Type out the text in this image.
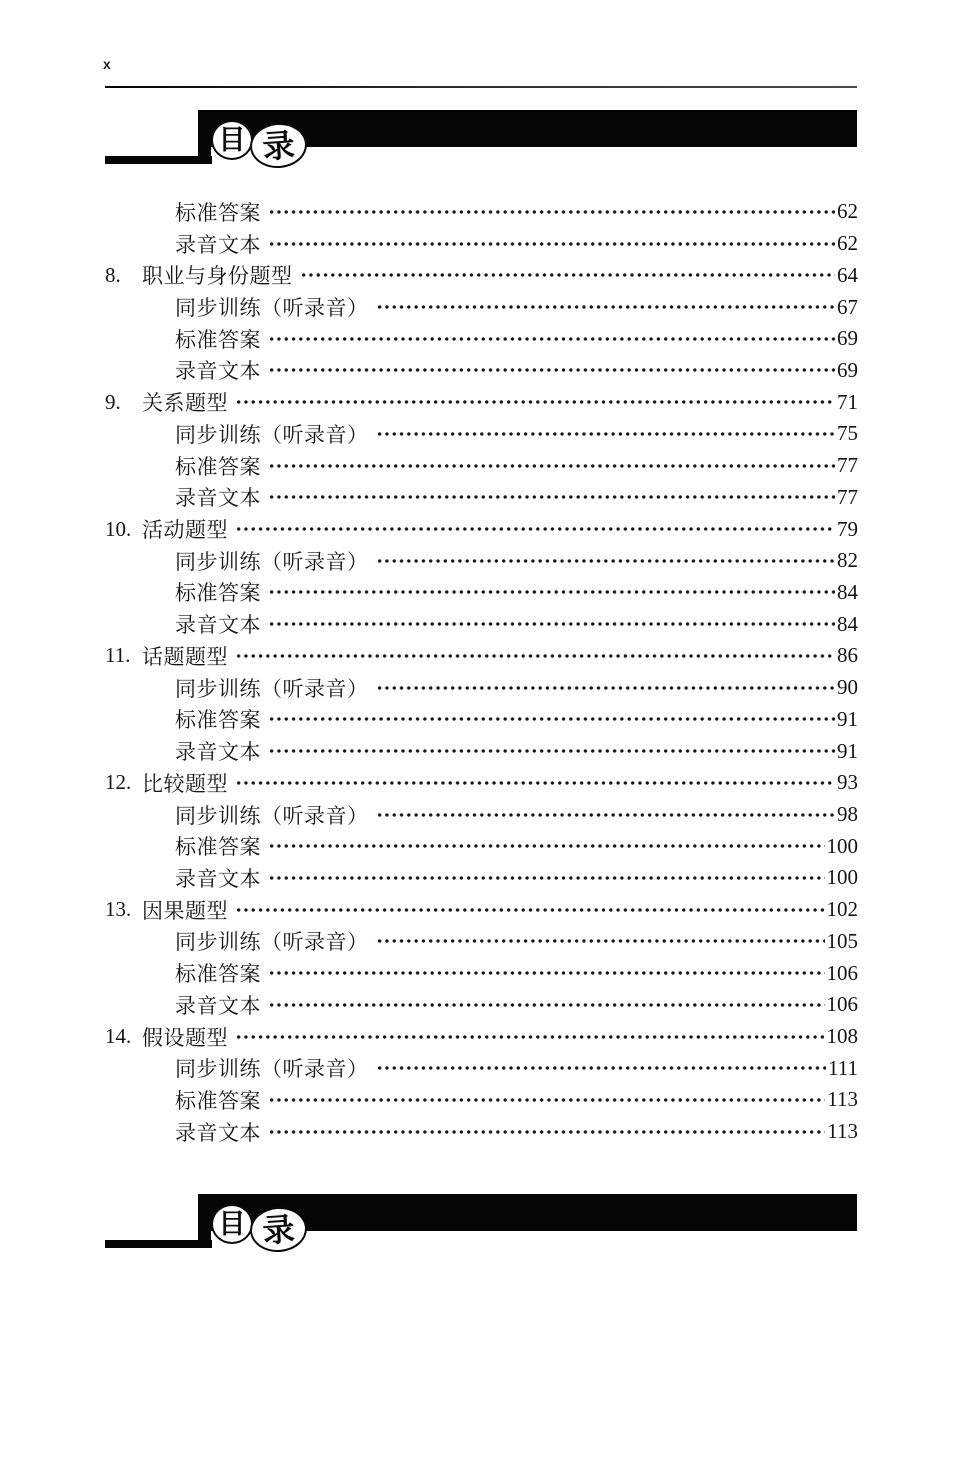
x
目 录
标准答案	62
录音文本	62
8.	职业与身份题型	64
同步训练（听录音）	67
标准答案	69
录音文本	69
9.	关系题型	71
同步训练（听录音）	75
标准答案	77
录音文本	77
10. 活动题型	79
同步训练（听录音）	82
标准答案	84
录音文本	84
11. 话题题型	86
同步训练（听录音）	90
标准答案	91
录音文本	91
12. 比较题型	93
同步训练（听录音）	98
标准答案	100
录音文本	100
13. 因果题型	102
同步训练（听录音）	105
标准答案	106
录音文本	106
14. 假设题型	108
同步训练（听录音）	111
标准答案	113
录音文本	113
目 录
